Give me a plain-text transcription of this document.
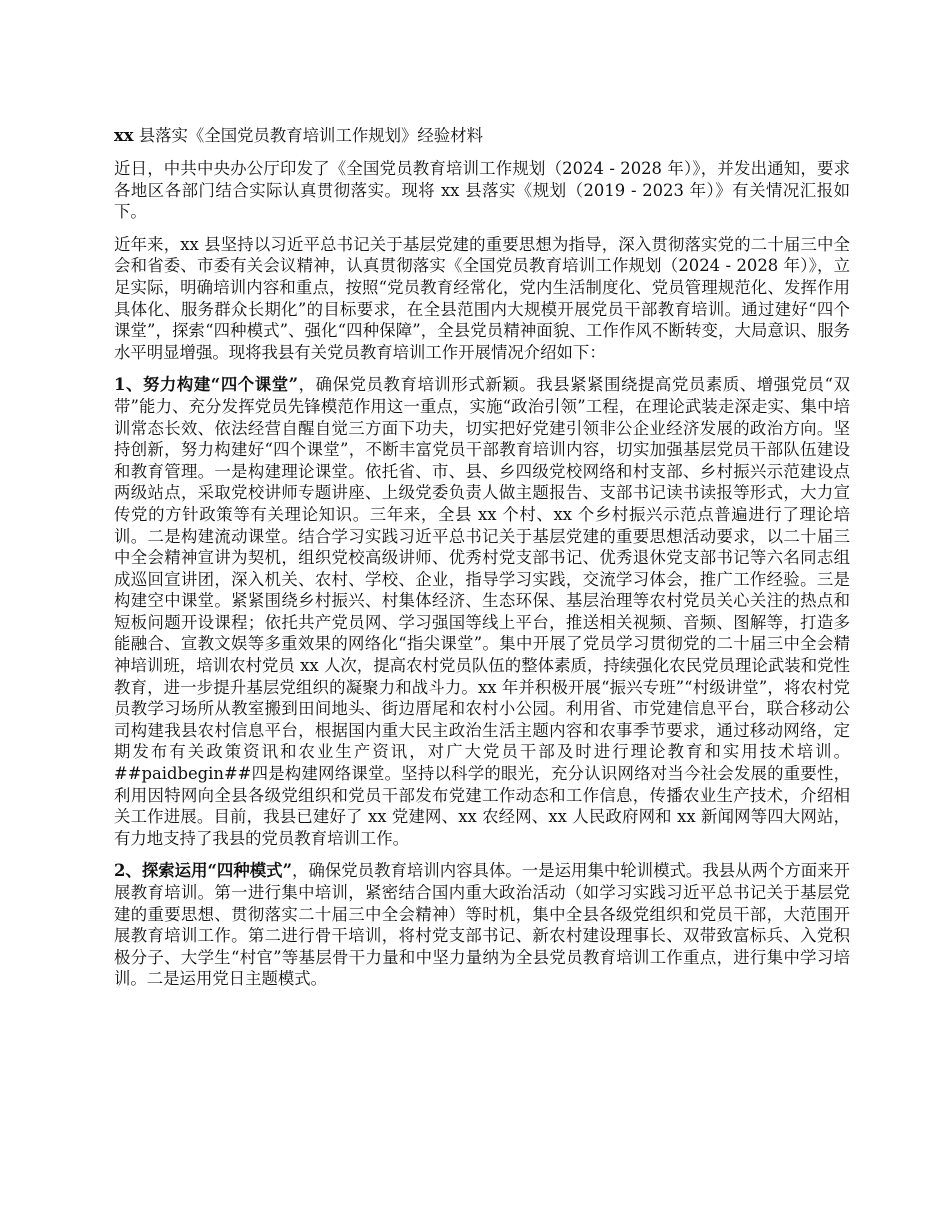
xx 县落实《全国党员教育培训工作规划》经验材料

近日，中共中央办公厅印发了《全国党员教育培训工作规划（2024 - 2028 年）》，并发出通知，要求各地区各部门结合实际认真贯彻落实。现将 xx 县落实《规划（2019 - 2023 年）》有关情况汇报如下。

近年来，xx 县坚持以习近平总书记关于基层党建的重要思想为指导，深入贯彻落实党的二十届三中全会和省委、市委有关会议精神，认真贯彻落实《全国党员教育培训工作规划（2024 - 2028 年）》，立足实际，明确培训内容和重点，按照“党员教育经常化，党内生活制度化、党员管理规范化、发挥作用具体化、服务群众长期化”的目标要求，在全县范围内大规模开展党员干部教育培训。通过建好“四个课堂”，探索“四种模式”、强化“四种保障”，全县党员精神面貌、工作作风不断转变，大局意识、服务水平明显增强。现将我县有关党员教育培训工作开展情况介绍如下：

1、努力构建“四个课堂”，确保党员教育培训形式新颖。我县紧紧围绕提高党员素质、增强党员“双带”能力、充分发挥党员先锋模范作用这一重点，实施“政治引领”工程，在理论武装走深走实、集中培训常态长效、依法经营自醒自觉三方面下功夫，切实把好党建引领非公企业经济发展的政治方向。坚持创新，努力构建好“四个课堂”，不断丰富党员干部教育培训内容，切实加强基层党员干部队伍建设和教育管理。一是构建理论课堂。依托省、市、县、乡四级党校网络和村支部、乡村振兴示范建设点两级站点，采取党校讲师专题讲座、上级党委负责人做主题报告、支部书记读书读报等形式，大力宣传党的方针政策等有关理论知识。三年来，全县 xx 个村、xx 个乡村振兴示范点普遍进行了理论培训。二是构建流动课堂。结合学习实践习近平总书记关于基层党建的重要思想活动要求，以二十届三中全会精神宣讲为契机，组织党校高级讲师、优秀村党支部书记、优秀退休党支部书记等六名同志组成巡回宣讲团，深入机关、农村、学校、企业，指导学习实践，交流学习体会，推广工作经验。三是构建空中课堂。紧紧围绕乡村振兴、村集体经济、生态环保、基层治理等农村党员关心关注的热点和短板问题开设课程；依托共产党员网、学习强国等线上平台，推送相关视频、音频、图解等，打造多能融合、宣教文娱等多重效果的网络化“指尖课堂”。集中开展了党员学习贯彻党的二十届三中全会精神培训班，培训农村党员 xx 人次，提高农村党员队伍的整体素质，持续强化农民党员理论武装和党性教育，进一步提升基层党组织的凝聚力和战斗力。xx 年并积极开展“振兴专班”“村级讲堂”，将农村党员教学习场所从教室搬到田间地头、街边厝尾和农村小公园。利用省、市党建信息平台，联合移动公司构建我县农村信息平台，根据国内重大民主政治生活主题内容和农事季节要求，通过移动网络，定期发布有关政策资讯和农业生产资讯，对广大党员干部及时进行理论教育和实用技术培训。##paidbegin##四是构建网络课堂。坚持以科学的眼光，充分认识网络对当今社会发展的重要性，利用因特网向全县各级党组织和党员干部发布党建工作动态和工作信息，传播农业生产技术，介绍相关工作进展。目前，我县已建好了 xx 党建网、xx 农经网、xx 人民政府网和 xx 新闻网等四大网站，有力地支持了我县的党员教育培训工作。

2、探索运用“四种模式”，确保党员教育培训内容具体。一是运用集中轮训模式。我县从两个方面来开展教育培训。第一进行集中培训，紧密结合国内重大政治活动（如学习实践习近平总书记关于基层党建的重要思想、贯彻落实二十届三中全会精神）等时机，集中全县各级党组织和党员干部，大范围开展教育培训工作。第二进行骨干培训，将村党支部书记、新农村建设理事长、双带致富标兵、入党积极分子、大学生“村官”等基层骨干力量和中坚力量纳为全县党员教育培训工作重点，进行集中学习培训。二是运用党日主题模式。
